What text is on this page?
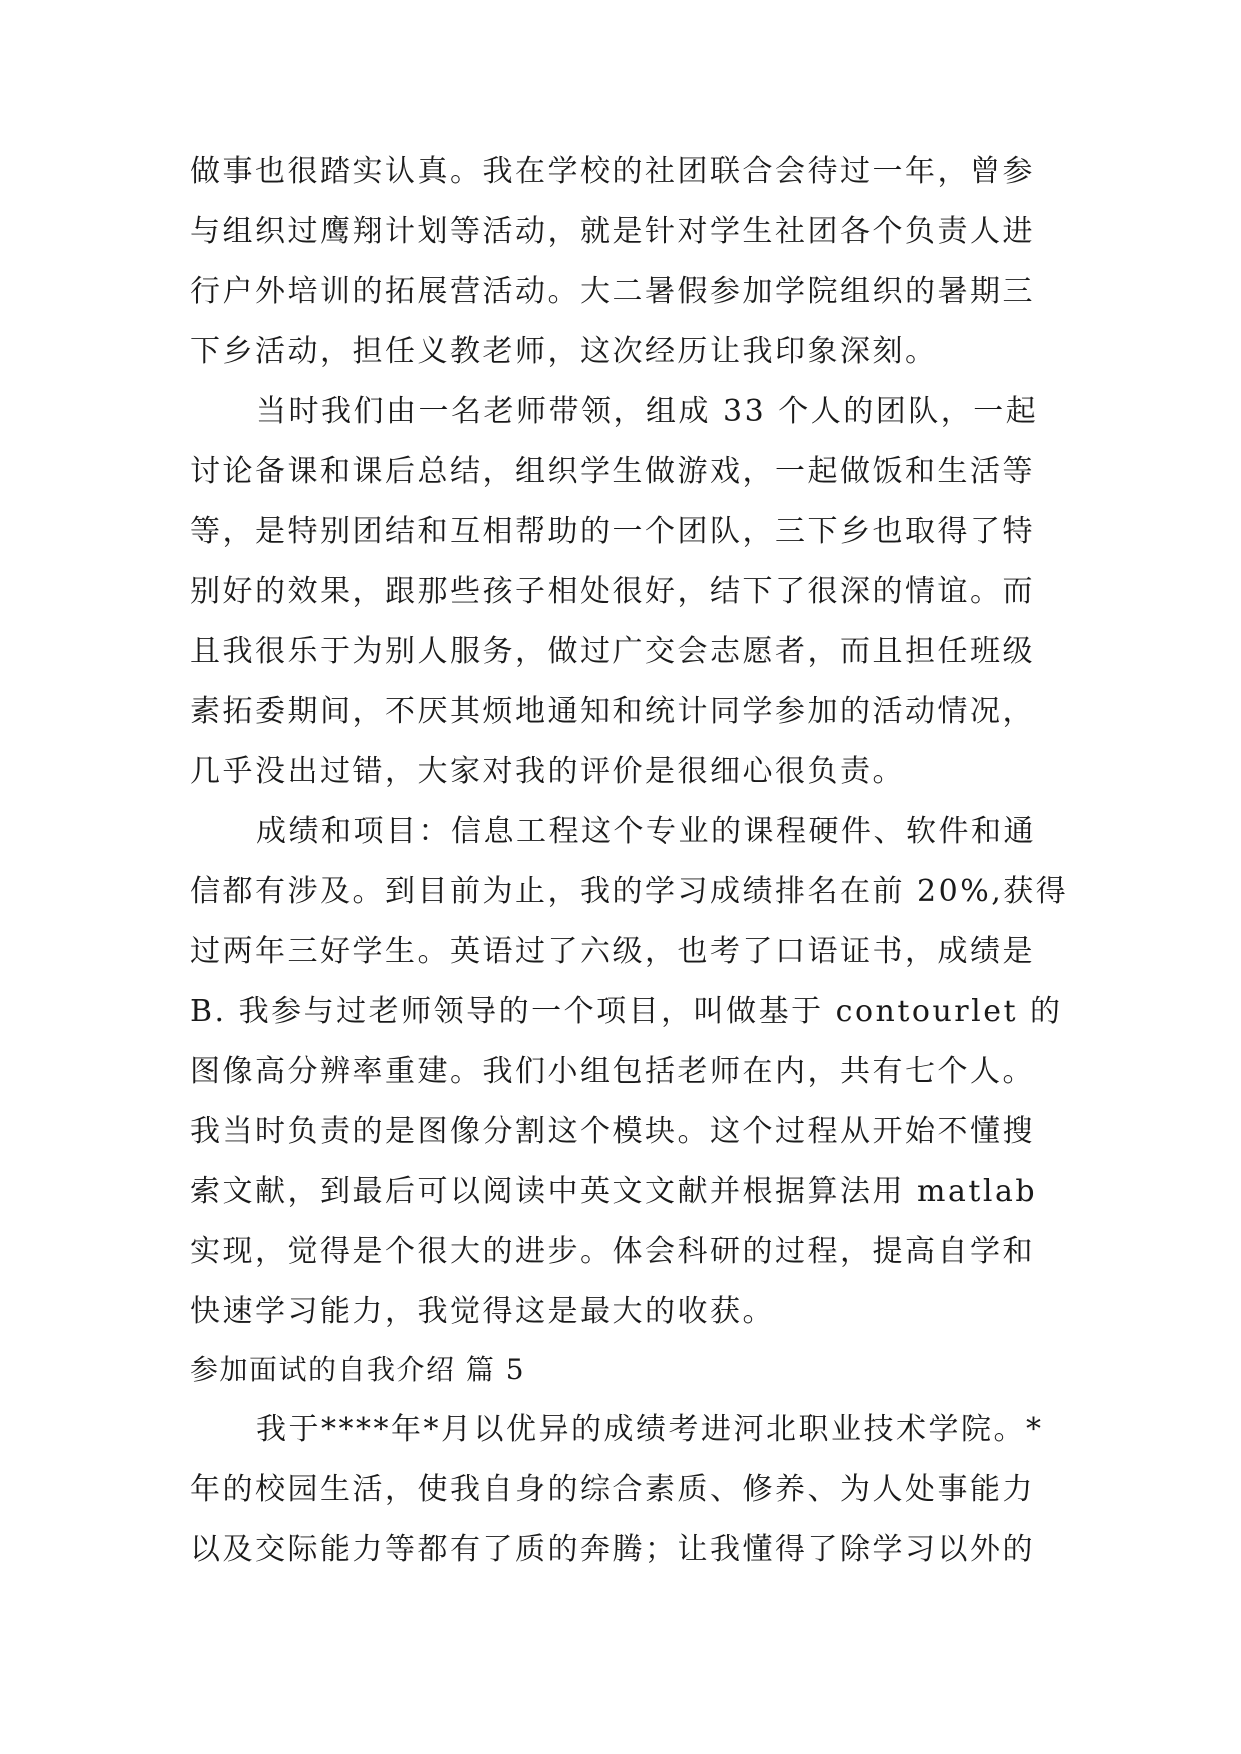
做事也很踏实认真。我在学校的社团联合会待过一年，曾参
与组织过鹰翔计划等活动，就是针对学生社团各个负责人进
行户外培训的拓展营活动。大二暑假参加学院组织的暑期三
下乡活动，担任义教老师，这次经历让我印象深刻。
当时我们由一名老师带领，组成 33 个人的团队，一起
讨论备课和课后总结，组织学生做游戏，一起做饭和生活等
等，是特别团结和互相帮助的一个团队，三下乡也取得了特
别好的效果，跟那些孩子相处很好，结下了很深的情谊。而
且我很乐于为别人服务，做过广交会志愿者，而且担任班级
素拓委期间，不厌其烦地通知和统计同学参加的活动情况，
几乎没出过错，大家对我的评价是很细心很负责。
成绩和项目：信息工程这个专业的课程硬件、软件和通
信都有涉及。到目前为止，我的学习成绩排名在前 20%,获得
过两年三好学生。英语过了六级，也考了口语证书，成绩是
B. 我参与过老师领导的一个项目，叫做基于 contourlet 的
图像高分辨率重建。我们小组包括老师在内，共有七个人。
我当时负责的是图像分割这个模块。这个过程从开始不懂搜
索文献，到最后可以阅读中英文文献并根据算法用 matlab
实现，觉得是个很大的进步。体会科研的过程，提高自学和
快速学习能力，我觉得这是最大的收获。
参加面试的自我介绍 篇 5
我于****年*月以优异的成绩考进河北职业技术学院。*
年的校园生活，使我自身的综合素质、修养、为人处事能力
以及交际能力等都有了质的奔腾；让我懂得了除学习以外的
